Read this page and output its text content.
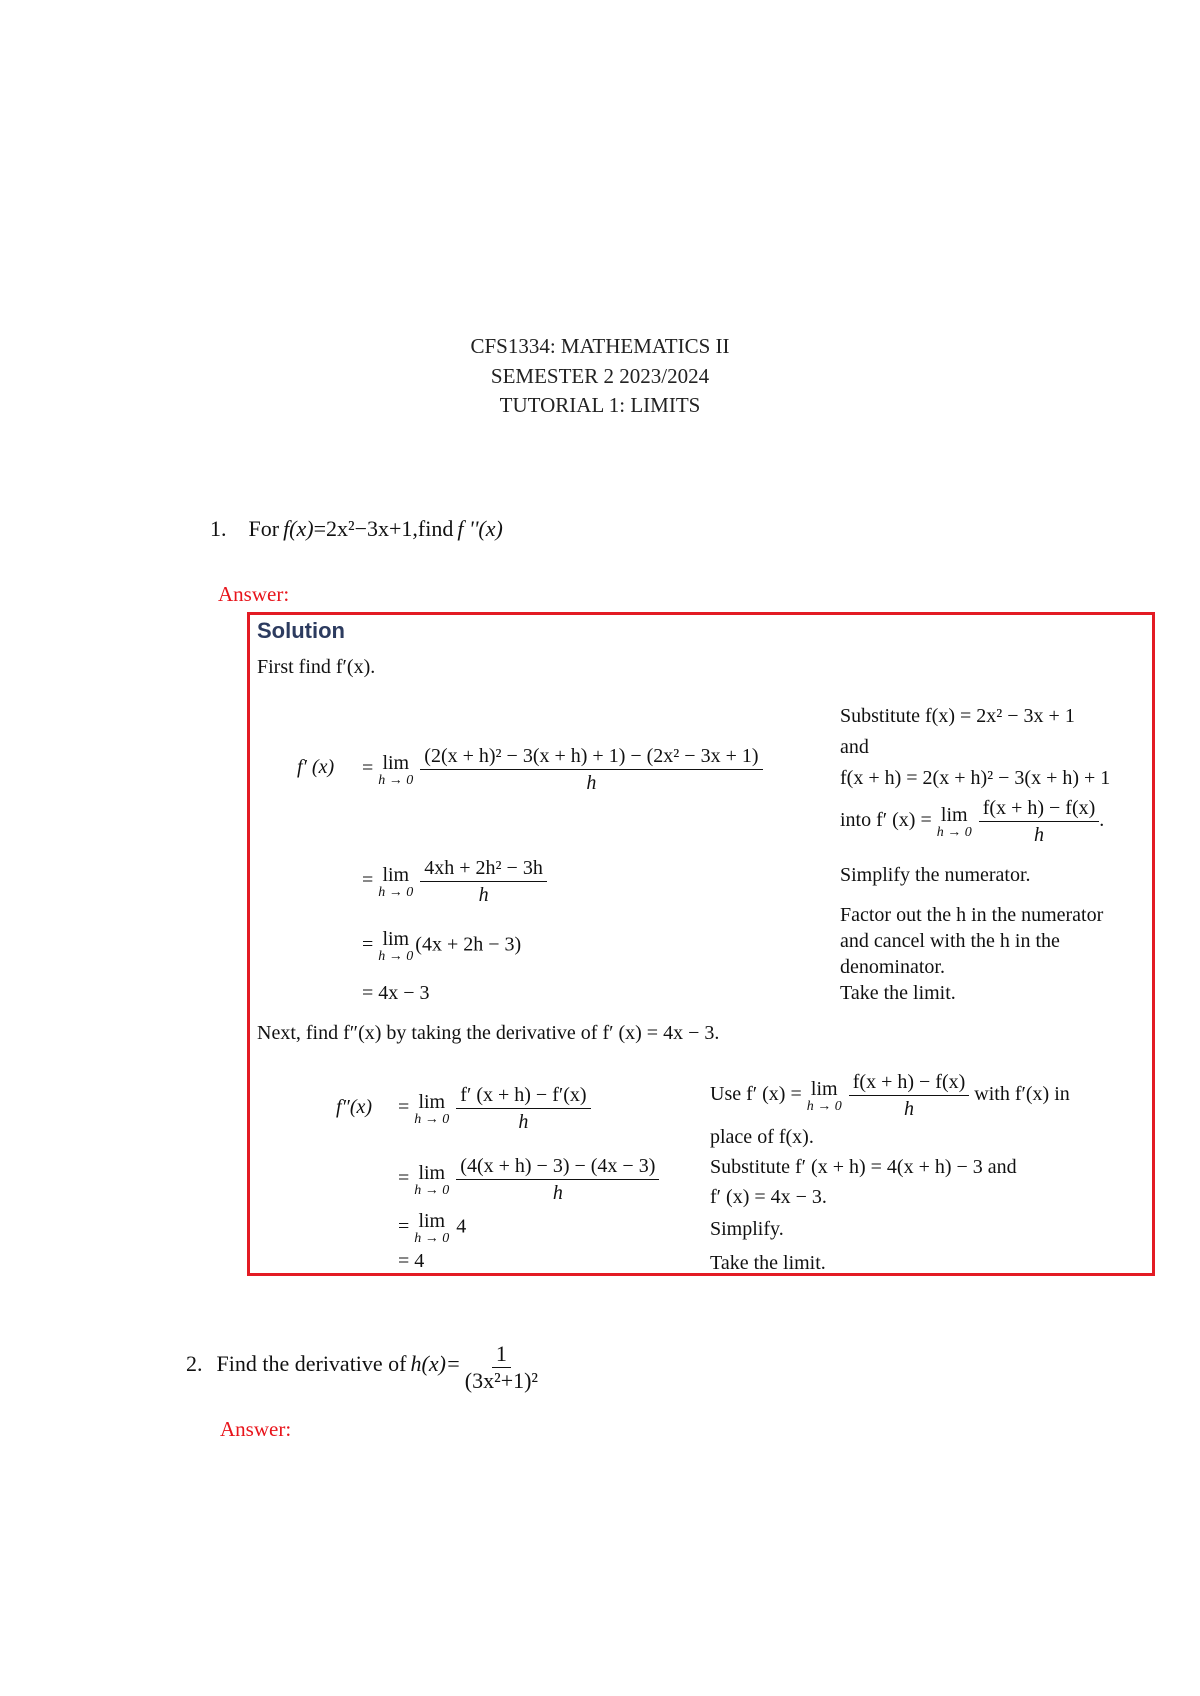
CFS1334: MATHEMATICS II
SEMESTER 2 2023/2024
TUTORIAL 1: LIMITS
1. For f(x)=2x²−3x+1,find f ''(x)
Answer:
Solution
First find f′(x).
f′ (x) = lim
h → 0
$\frac{\text{(2(x + h)² − 3(x + h) + 1) − (2x² − 3x + 1)}}{h}$
= lim
h → 0
$\frac{\text{4xh + 2h² − 3h}}{h}$
= lim
h → 0
(4x + 2h − 3)
= 4x − 3
Substitute f(x) = 2x² − 3x + 1
and
f(x + h) = 2(x + h)² − 3(x + h) + 1
into f′ (x) = lim
h → 0
$\frac{f(x + h) - f(x)}{h}$ .
Simplify the numerator.
Factor out the h in the numerator
and cancel with the h in the
denominator.
Take the limit.
Next, find f″(x) by taking the derivative of f′ (x) = 4x − 3.
f″(x) = lim
h → 0
$\frac{f' (x + h) - f'(x)}{h}$
= lim
h → 0
$\frac{(4(x + h) - 3) - (4x - 3)}{h}$
= lim
h → 0
4
= 4
Use f′ (x) = lim
h → 0
$\frac{f(x + h) - f(x)}{h}$ with f′(x) in
place of f(x).
Substitute f′ (x + h) = 4(x + h) − 3 and
f′ (x) = 4x − 3.
Simplify.
Take the limit.
2. Find the derivative of $h(x)= \frac{1}{\text{(3x²+1)²}}$
Answer:
